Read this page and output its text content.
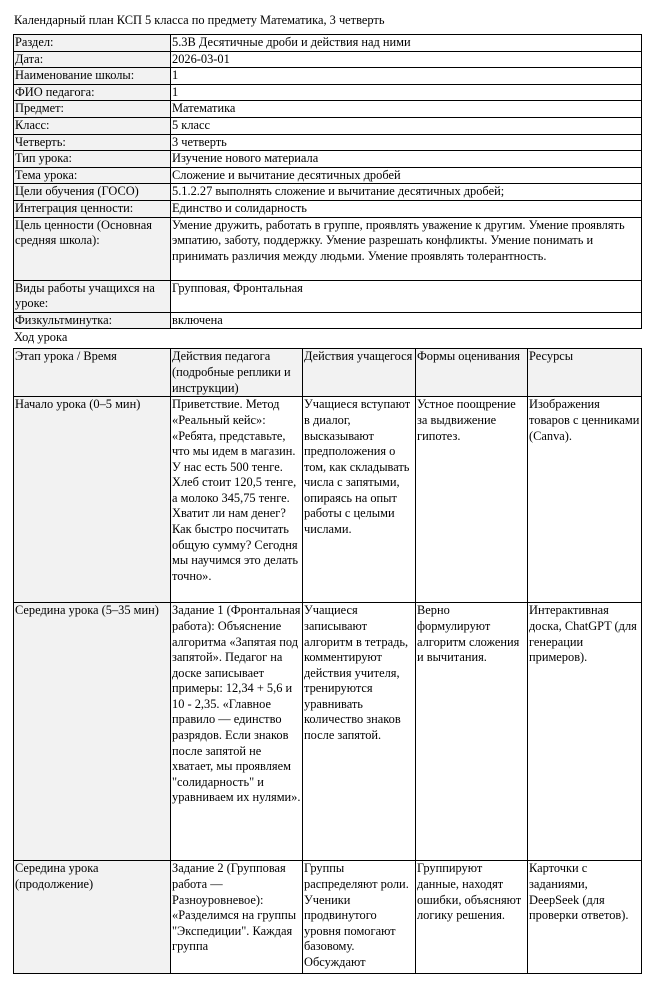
Календарный план КСП 5 класса по предмету Математика, 3 четверть
Раздел:	5.3В Десятичные дроби и действия над ними
Дата:	2026-03-01
Наименование школы:	1
ФИО педагога:	1
Предмет:	Математика
Класс:	5 класс
Четверть:	3 четверть
Тип урока:	Изучение нового материала
Тема урока:	Сложение и вычитание десятичных дробей
Цели обучения (ГОСО)	5.1.2.27 выполнять сложение и вычитание десятичных дробей;
Интеграция ценности:	Единство и солидарность
Цель ценности (Основная средняя школа):	Умение дружить, работать в группе, проявлять уважение к другим. Умение проявлять эмпатию, заботу, поддержку. Умение разрешать конфликты. Умение понимать и принимать различия между людьми. Умение проявлять толерантность.
Виды работы учащихся на уроке:	Групповая, Фронтальная
Физкультминутка:	включена
Ход урока
Этап урока / Время	Действия педагога (подробные реплики и инструкции)	Действия учащегося	Формы оценивания	Ресурсы
Начало урока (0–5 мин)	Приветствие. Метод «Реальный кейс»: «Ребята, представьте, что мы идем в магазин. У нас есть 500 тенге. Хлеб стоит 120,5 тенге, а молоко 345,75 тенге. Хватит ли нам денег? Как быстро посчитать общую сумму? Сегодня мы научимся это делать точно».	Учащиеся вступают в диалог, высказывают предположения о том, как складывать числа с запятыми, опираясь на опыт работы с целыми числами.	Устное поощрение за выдвижение гипотез.	Изображения товаров с ценниками (Canva).
Середина урока (5–35 мин)	Задание 1 (Фронтальная работа): Объяснение алгоритма «Запятая под запятой». Педагог на доске записывает примеры: 12,34 + 5,6 и 10 - 2,35. «Главное правило — единство разрядов. Если знаков после запятой не хватает, мы проявляем "солидарность" и уравниваем их нулями».	Учащиеся записывают алгоритм в тетрадь, комментируют действия учителя, тренируются уравнивать количество знаков после запятой.	Верно формулируют алгоритм сложения и вычитания.	Интерактивная доска, ChatGPT (для генерации примеров).
Середина урока (продолжение)	Задание 2 (Групповая работа — Разноуровневое): «Разделимся на группы "Экспедиции". Каждая группа	Группы распределяют роли. Ученики продвинутого уровня помогают базовому. Обсуждают	Группируют данные, находят ошибки, объясняют логику решения.	Карточки с заданиями, DeepSeek (для проверки ответов).
